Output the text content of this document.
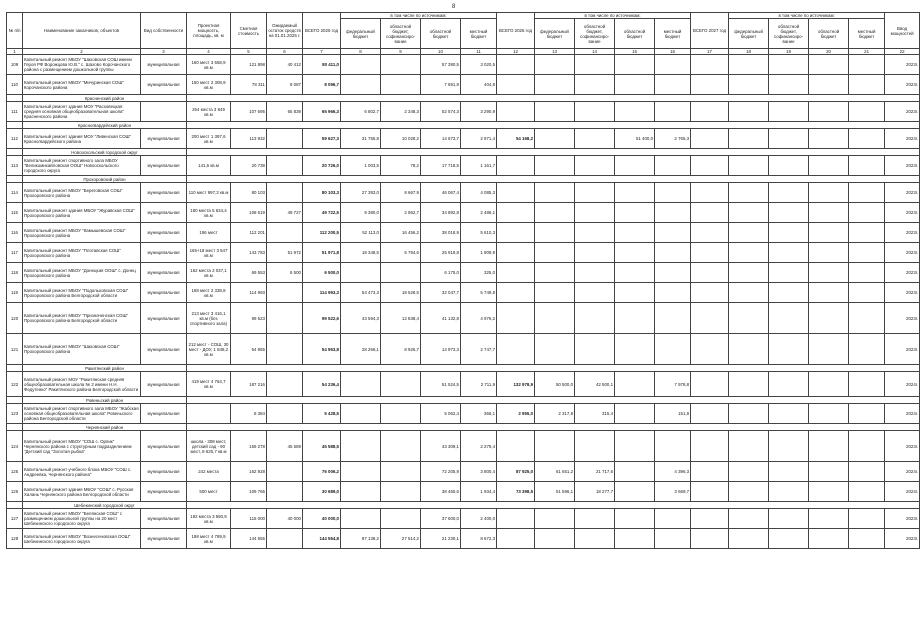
8
№ п/п	Наименование заказчиков, объектов	Вид собственности	Проектная мощность, площадь, кв. м	Сметная стоимость	Ожидаемый остаток средств на 01.01.2025 г.	ВСЕГО 2025 год	в том числе по источникам:				ВСЕГО 2026 год	в том числе по источникам:				ВСЕГО 2027 год	в том числе по источникам:				Ввод мощностей
							федеральный бюджет	областной бюджет, софинансиро-вание	областной бюджет	местный бюджет		федеральный бюджет	областной бюджет, софинансиро-вание	областной бюджет	местный бюджет		федеральный бюджет	областной бюджет, софинансиро-вание	областной бюджет	местный бюджет	
1	2	3	4	5	6	7	8	9	10	11	12	13	14	15	16	17	18	19	20	21	22
109	Капитальный ремонт МБОУ "Шаховская СОШ имени Героя РФ Ворожцова Ю.В." с. Шахово Корочанского района с размещением дошкольной группы	муниципальная	160 мест 3 558,9 кв.м	121 898	40 412	80 411,0			57 390,5	3 020,5											2023г.
110	Капитальный ремонт МБОУ "Мичуринская СОШ" Корочанского района	муниципальная	150 мест 2 308,9 кв.м	78 311	8 087	8 096,7			7 691,9	404,8											2023г.
	Красненский район																				
111	Капитальный ремонт здания МОУ "Расховецкая средняя основная общеобразовательная школа" Красненского района		264 места 3 849 кв.м	107 695	65 839	65 966,3	6 802,7	2 348,3	52 574,3	3 290,9											2023г.
	Красногвардейский район																				
112	Капитальный ремонт здания МОУ "Ливенская СОШ" Красногвардейского района	муниципальная	200 мест 1 397,6 кв.м	113 932		59 627,3	31 755,8	10 028,2	14 673,7	2 971,4	54 168,2			51 400,0	2 765,3						2024г.
	Новооскольский городской округ																				
113	Капитальный ремонт спортивного зала МБОУ "Великомихайловская ООШ" Новооскольского городского округа	муниципальная	141,6 кв.м	20 738		20 726,0	1 003,5	78,2	17 718,5	1 161,7											2023г.
	Прохоровский район																				
114	Капитальный ремонт МБОУ "Береговская СОШ" Прохоровского района	муниципальная	110 мест 997,3 кв.м	80 103		80 103,3	27 393,0	8 667,9	46 067,4	4 085,3											2023г.
115	Капитальный ремонт здания МБОУ "Журавская СОШ" Прохоровского района	муниципальная	180 места 5 634,4 кв.м	108 619	49 727	49 722,5	9 380,0	2 962,7	34 892,8	2 486,1											2023г.
116	Капитальный ремонт МБОУ "Камышевская СОШ" Прохоровского района	муниципальная	196 мест	112 201		112 200,5	52 113,0	16 456,2	38 018,9	5 610,3											2023г.
117	Капитальный ремонт МБОУ "Плотавская СОШ" Прохоровского района	муниципальная	165+18 мест 3 547 кв.м	143 783	51 972	51 971,8	18 348,5	5 794,6	25 919,8	1 909,9											2023г.
118	Капитальный ремонт МБОУ "Донецкая ООШ" с. Донец Прохоровского района	муниципальная	162 места 2 037,1 кв.м	69 553	6 500	6 500,0			6 175,0	325,0											2023г.
119	Капитальный ремонт МБОУ "Подольховская СОШ" Прохоровского района Белгородской области	муниципальная	168 мест 2 338,8 кв.м	114 993		114 993,3	54 473,3	18 528,5	32 047,7	5 749,8											2023г.
120	Капитальный ремонт МБОУ "Призначенская СОШ" Прохоровского района Белгородской области	муниципальная	213 мест 3 416,1 кв.м (без спортивного зала)	99 523		99 522,6	43 594,3	12 838,4	41 132,8	4 976,2											2023г.
121	Капитальный ремонт МБОУ "Шаховская СОШ" Прохоровского района	муниципальная	212 мест - СОШ, 30 мест - ДОУ, 1 848,2 кв.м	54 955		54 953,8	28 266,1	8 926,7	14 973,3	2 747,7											2023г.
	Ракитянский район																				
122	Капитальный ремонт МОУ "Ракитянская средняя общеобразовательная школа № 2 имени Н.Н. Федутенко" Ракитянского района Белгородской области	муниципальная	419 мест 4 764,7 кв.м	187 216		54 236,4			51 524,5	2 711,9	132 978,9	50 500,0	42 500,1		7 978,8						2024г.
	Ровеньский район																				
123	Капитальный ремонт спортивного зала МБОУ "Жабская основная общеобразовательная школа" Ровеньского района Белгородской области	муниципальная		8 384		5 428,5			5 062,4	366,1	2 955,0	2 317,8	315,4		151,8						2024г.
	Чернянский район																				
124	Капитальный ремонт МБОУ "СОШ с. Орлик" Чернянского района с структурным подразделением "Детский сад "Золотая рыбка"	муниципальная	школа - 308 мест, детский сад - 90 мест, 8 625,7 кв.м	159 278	45 589	45 588,5			43 309,1	2 279,4											2023г.
125	Капитальный ремонт учебного блока МБОУ "СОШ с. Андреевка, Чернянского района"	муниципальная	242 места	162 928		76 006,2			72 205,9	3 800,4	87 925,0	61 651,2	21 717,6		4 396,3						2024г.
126	Капитальный ремонт здания МБОУ "СОШ" с. Русская Халань Чернянского района Белгородской области	муниципальная	500 мест	109 765		30 689,0			38 460,6	1 934,4	73 398,5	51 596,1	18 277,7		3 669,7						2024г.
	Шебекинский городской округ																				
127	Капитальный ремонт МБОУ "Белянская СОШ" с размещением дошкольной группы на 20 мест Шебекинского городского округа	муниципальная	192 места 3 590,9 кв.м	115 000	40 000	40 000,0			37 600,0	2 400,0											2023г.
128	Капитальный ремонт МБОУ "Вознесеновская ООШ" Шебекинского городского округа	муниципальная	198 мест 4 789,9 кв.м	144 555		144 554,8	87 138,2	27 514,2	21 230,1	8 672,3											2023г.
